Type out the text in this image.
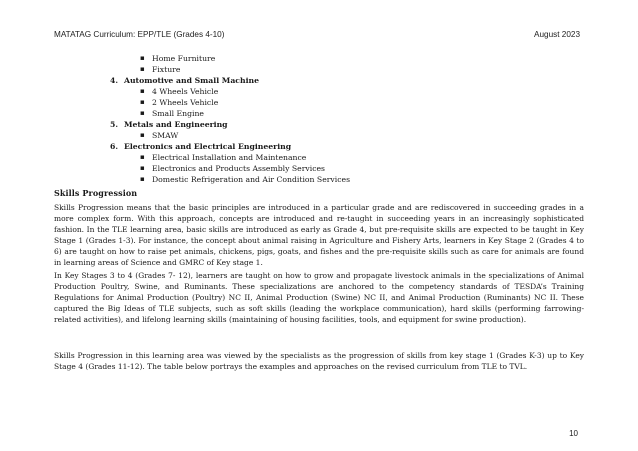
MATATAG Curriculum: EPP/TLE (Grades 4-10)	August 2023
▪ Home Furniture
▪ Fixture
4. Automotive and Small Machine
▪ 4 Wheels Vehicle
▪ 2 Wheels Vehicle
▪ Small Engine
5. Metals and Engineering
▪ SMAW
6. Electronics and Electrical Engineering
▪ Electrical Installation and Maintenance
▪ Electronics and Products Assembly Services
▪ Domestic Refrigeration and Air Condition Services
Skills Progression

Skills Progression means that the basic principles are introduced in a particular grade and are rediscovered in succeeding grades in a more complex form. With this approach, concepts are introduced and re-taught in succeeding years in an increasingly sophisticated fashion. In the TLE learning area, basic skills are introduced as early as Grade 4, but pre-requisite skills are expected to be taught in Key Stage 1 (Grades 1-3). For instance, the concept about animal raising in Agriculture and Fishery Arts, learners in Key Stage 2 (Grades 4 to 6) are taught on how to raise pet animals, chickens, pigs, goats, and fishes and the pre-requisite skills such as care for animals are found in learning areas of Science and GMRC of Key stage 1.

In Key Stages 3 to 4 (Grades 7- 12), learners are taught on how to grow and propagate livestock animals in the specializations of Animal Production Poultry, Swine, and Ruminants. These specializations are anchored to the competency standards of TESDA’s Training Regulations for Animal Production (Poultry) NC II, Animal Production (Swine) NC II, and Animal Production (Ruminants) NC II. These captured the Big Ideas of TLE subjects, such as soft skills (leading the workplace communication), hard skills (performing farrowing-related activities), and lifelong learning skills (maintaining of housing facilities, tools, and equipment for swine production).

Skills Progression in this learning area was viewed by the specialists as the progression of skills from key stage 1 (Grades K-3) up to Key Stage 4 (Grades 11-12). The table below portrays the examples and approaches on the revised curriculum from TLE to TVL.

10
